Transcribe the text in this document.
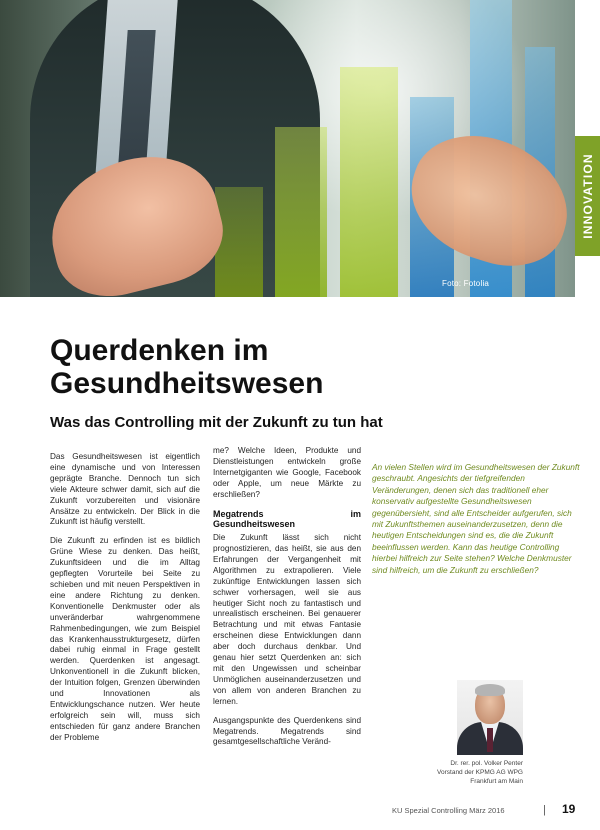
Foto: Fotolia
INNOVATION
Querdenken im
Gesundheitswesen
Was das Controlling mit der Zukunft zu tun hat

Das Gesundheitswesen ist eigentlich eine dynamische und von Interessen geprägte Branche. Dennoch tun sich viele Akteure schwer damit, sich auf die Zukunft vorzubereiten und visionäre Ansätze zu entwickeln. Der Blick in die Zukunft ist häufig verstellt.

Die Zukunft zu erfinden ist es bildlich Grüne Wiese zu denken. Das heißt, Zukunftsideen und die im Alltag gepflegten Vorurteile bei Seite zu schieben und mit neuen Perspektiven in eine andere Richtung zu denken. Konventionelle Denkmuster oder als unveränderbar wahrgenommene Rahmenbedingungen, wie zum Beispiel das Krankenhausstrukturgesetz, dürfen dabei ruhig einmal in Frage gestellt werden. Querdenken ist angesagt. Unkonventionell in die Zukunft blicken, der Intuition folgen, Grenzen überwinden und Innovationen als Entwicklungschance nutzen. Wer heute erfolgreich sein will, muss sich entschieden für ganz andere Branchen der Probleme

me? Welche Ideen, Produkte und Dienstleistungen entwickeln große Internetgiganten wie Google, Facebook oder Apple, um neue Märkte zu erschließen?

Megatrends im Gesundheitswesen

Die Zukunft lässt sich nicht prognostizieren, das heißt, sie aus den Erfahrungen der Vergangenheit mit Algorithmen zu extrapolieren. Viele zukünftige Entwicklungen lassen sich schwer vorhersagen, weil sie aus heutiger Sicht noch zu fantastisch und unrealistisch erscheinen. Bei genauerer Betrachtung und mit etwas Fantasie erscheinen diese Entwicklungen dann aber doch durchaus denkbar. Und genau hier setzt Querdenken an: sich mit den Ungewissen und scheinbar Unmöglichen auseinanderzusetzen und von allem von anderen Branchen zu lernen.

Ausgangspunkte des Querdenkens sind Megatrends. Megatrends sind gesamtgesellschaftliche Veränd-

An vielen Stellen wird im Gesundheitswesen der Zukunft geschraubt. Angesichts der tiefgreifenden Veränderungen, denen sich das traditionell eher konservativ aufgestellte Gesundheitswesen gegenübersieht, sind alle Entscheider aufgerufen, sich mit Zukunftsthemen auseinanderzusetzen, denn die heutigen Entscheidungen sind es, die die Zukunft beeinflussen werden. Kann das heutige Controlling hierbei hilfreich zur Seite stehen? Welche Denkmuster sind hilfreich, um die Zukunft zu erschließen?
Dr. rer. pol. Volker Penter
Vorstand der KPMG AG WPG
Frankfurt am Main
KU Spezial Controlling März 2016	| 19
